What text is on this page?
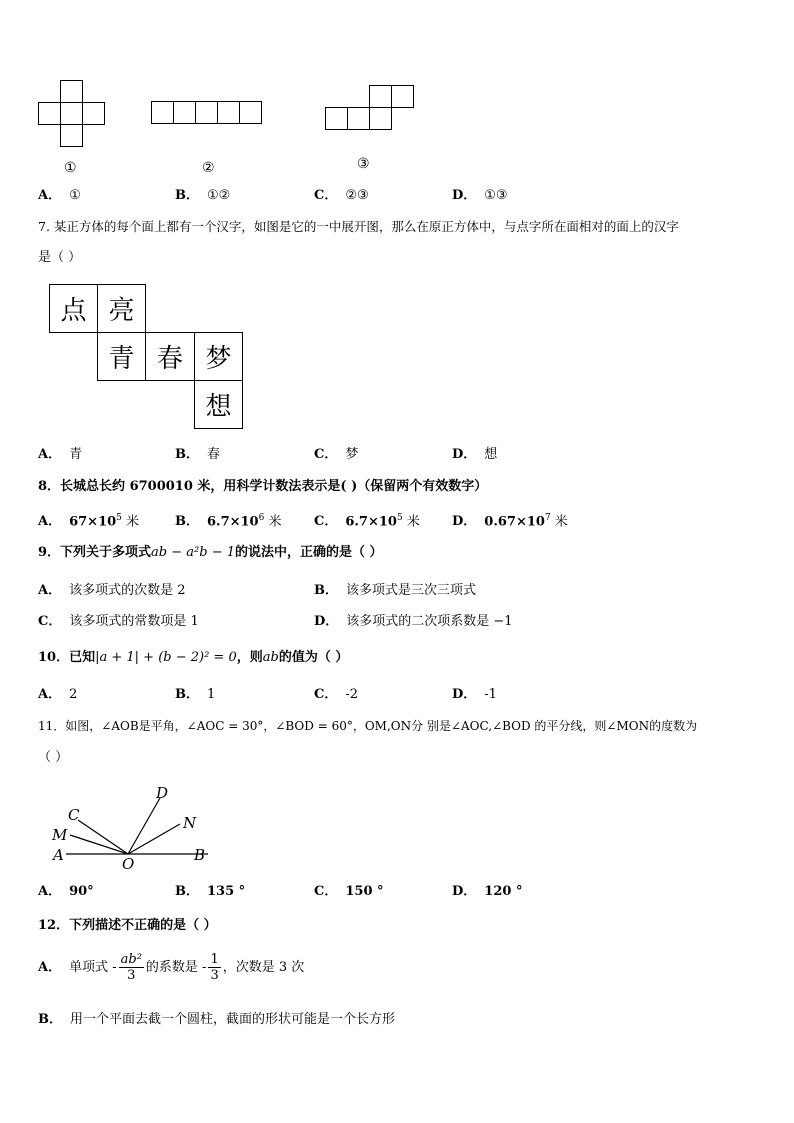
①	②	③
A． ①	B． ①②	C． ②③	D． ①③
7. 某正方体的每个面上都有一个汉字，如图是它的一中展开图，那么在原正方体中，与点字所在面相对的面上的汉字
是（ ）
点 亮
青 春 梦
想
A． 青	B． 春	C． 梦	D． 想
8．长城总长约 6700010 米，用科学计数法表示是( )（保留两个有效数字）
A． $67\times 10^5$ 米	B． $6.7\times 10^6$ 米	C． $6.7\times 10^5$ 米 D． $0.67\times 10^7$ 米
9．下列关于多项式ab − a²b − 1的说法中，正确的是（ ）
A． 该多项式的次数是 2	B． 该多项式是三次三项式
C． 该多项式的常数项是 1	D． 该多项式的二次项系数是 −1
10．已知|a + 1| + (b − 2)² = 0，则ab的值为（ ）
A． 2	B． 1	C． -2	D． -1
11．如图，∠AOB是平角，∠AOC = 30°，∠BOD = 60°，OM,ON分 别是∠AOC,∠BOD 的平分线，则∠MON的度数为
（ ）
D
C	N
M
A	O	B
A． 90°	B． 135 °	C． 150 °	D． 120 °
12．下列描述不正确的是（ ）
A． 单项式 - $\frac{\text{ab²}}{3}$ 的系数是 - $\frac{1}{3}$ ，次数是 3 次
B． 用一个平面去截一个圆柱，截面的形状可能是一个长方形
